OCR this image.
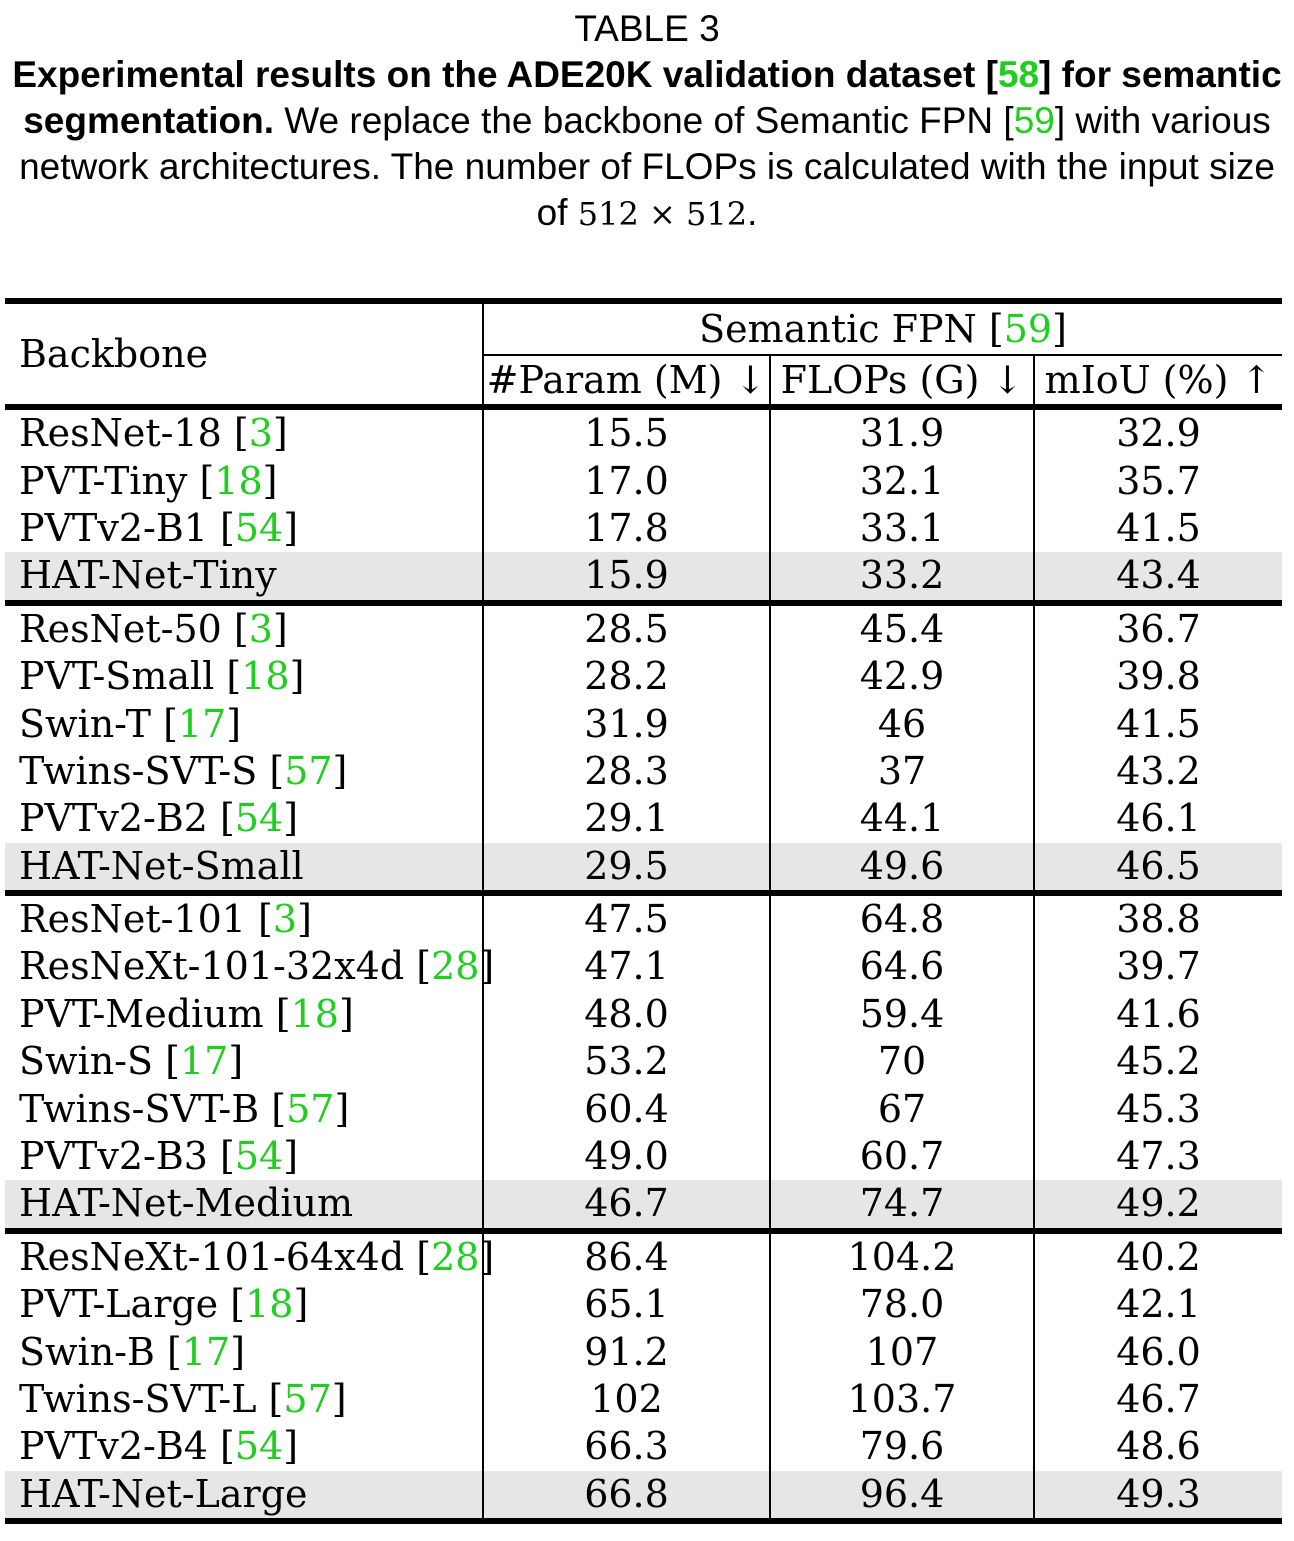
TABLE 3
Experimental results on the ADE20K validation dataset [58] for semantic segmentation. We replace the backbone of Semantic FPN [59] with various network architectures. The number of FLOPs is calculated with the input size of 512 × 512.
Backbone	Semantic FPN [59]		
	#Param (M) ↓	FLOPs (G) ↓	mIoU (%) ↑
ResNet-18 [3]	15.5	31.9	32.9
PVT-Tiny [18]	17.0	32.1	35.7
PVTv2-B1 [54]	17.8	33.1	41.5
HAT-Net-Tiny	15.9	33.2	43.4
ResNet-50 [3]	28.5	45.4	36.7
PVT-Small [18]	28.2	42.9	39.8
Swin-T [17]	31.9	46	41.5
Twins-SVT-S [57]	28.3	37	43.2
PVTv2-B2 [54]	29.1	44.1	46.1
HAT-Net-Small	29.5	49.6	46.5
ResNet-101 [3]	47.5	64.8	38.8
ResNeXt-101-32x4d [28]	47.1	64.6	39.7
PVT-Medium [18]	48.0	59.4	41.6
Swin-S [17]	53.2	70	45.2
Twins-SVT-B [57]	60.4	67	45.3
PVTv2-B3 [54]	49.0	60.7	47.3
HAT-Net-Medium	46.7	74.7	49.2
ResNeXt-101-64x4d [28]	86.4	104.2	40.2
PVT-Large [18]	65.1	78.0	42.1
Swin-B [17]	91.2	107	46.0
Twins-SVT-L [57]	102	103.7	46.7
PVTv2-B4 [54]	66.3	79.6	48.6
HAT-Net-Large	66.8	96.4	49.3
